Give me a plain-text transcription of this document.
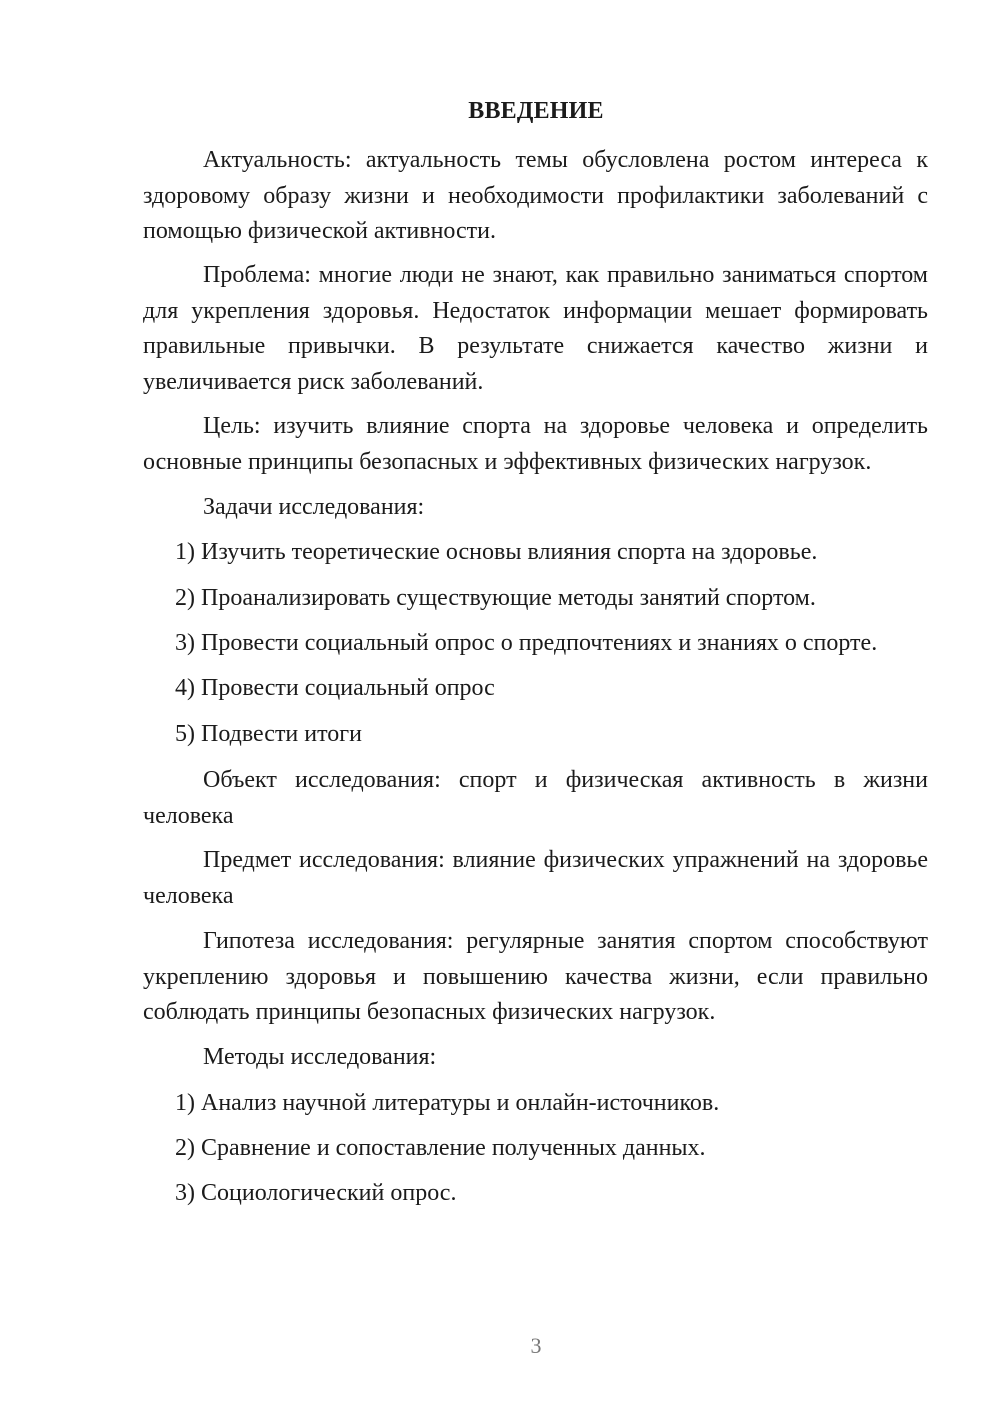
ВВЕДЕНИЕ
Актуальность: актуальность темы обусловлена ростом интереса к здоровому образу жизни и необходимости профилактики заболеваний с помощью физической активности.
Проблема: многие люди не знают, как правильно заниматься спортом для укрепления здоровья. Недостаток информации мешает формировать правильные привычки. В результате снижается качество жизни и увеличивается риск заболеваний.
Цель: изучить влияние спорта на здоровье человека и определить основные принципы безопасных и эффективных физических нагрузок.
Задачи исследования:
1) Изучить теоретические основы влияния спорта на здоровье.
2) Проанализировать существующие методы занятий спортом.
3) Провести социальный опрос о предпочтениях и знаниях о спорте.
4) Провести социальный опрос
5) Подвести итоги
Объект исследования: спорт и физическая активность в жизни человека
Предмет исследования: влияние физических упражнений на здоровье человека
Гипотеза исследования: регулярные занятия спортом способствуют укреплению здоровья и повышению качества жизни, если правильно соблюдать принципы безопасных физических нагрузок.
Методы исследования:
1) Анализ научной литературы и онлайн-источников.
2) Сравнение и сопоставление полученных данных.
3) Социологический опрос.
3
